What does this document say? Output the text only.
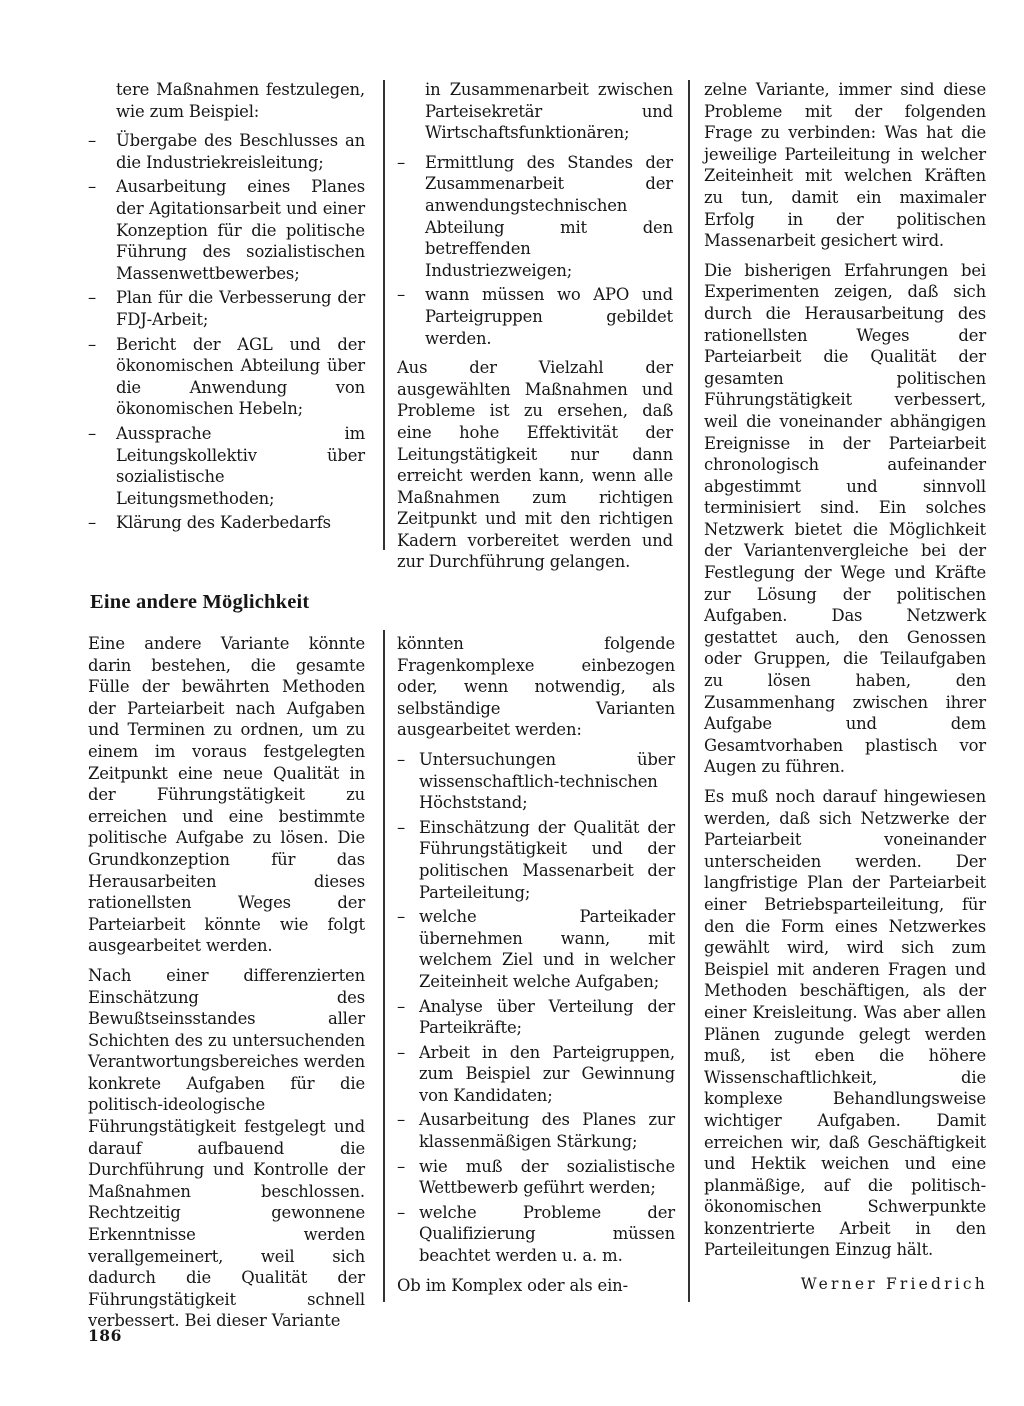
tere Maßnahmen festzulegen, wie zum Beispiel:

– Übergabe des Beschlusses an die Industriekreisleitung;
– Ausarbeitung eines Planes der Agitationsarbeit und einer Konzeption für die politische Führung des sozialistischen Massenwettbewerbes;
– Plan für die Verbesserung der FDJ-Arbeit;
– Bericht der AGL und der ökonomischen Abteilung über die Anwendung von ökonomischen Hebeln;
– Aussprache im Leitungskollektiv über sozialistische Leitungsmethoden;
– Klärung des Kaderbedarfs

in Zusammenarbeit zwischen Parteisekretär und Wirtschaftsfunktionären;

– Ermittlung des Standes der Zusammenarbeit der anwendungstechnischen Abteilung mit den betreffenden Industriezweigen;
– wann müssen wo APO und Parteigruppen gebildet werden.

Aus der Vielzahl der ausgewählten Maßnahmen und Probleme ist zu ersehen, daß eine hohe Effektivität der Leitungstätigkeit nur dann erreicht werden kann, wenn alle Maßnahmen zum richtigen Zeitpunkt und mit den richtigen Kadern vorbereitet werden und zur Durchführung gelangen.

Eine andere Möglichkeit

Eine andere Variante könnte darin bestehen, die gesamte Fülle der bewährten Methoden der Parteiarbeit nach Aufgaben und Terminen zu ordnen, um zu einem im voraus festgelegten Zeitpunkt eine neue Qualität in der Führungstätigkeit zu erreichen und eine bestimmte politische Aufgabe zu lösen. Die Grundkonzeption für das Herausarbeiten dieses rationellsten Weges der Parteiarbeit könnte wie folgt ausgearbeitet werden.

Nach einer differenzierten Einschätzung des Bewußtseinsstandes aller Schichten des zu untersuchenden Verantwortungsbereiches werden konkrete Aufgaben für die politisch-ideologische Führungstätigkeit festgelegt und darauf aufbauend die Durchführung und Kontrolle der Maßnahmen beschlossen. Rechtzeitig gewonnene Erkenntnisse werden verallgemeinert, weil sich dadurch die Qualität der Führungstätigkeit schnell verbessert. Bei dieser Variante

könnten folgende Fragenkomplexe einbezogen oder, wenn notwendig, als selbständige Varianten ausgearbeitet werden:

– Untersuchungen über wissenschaftlich-technischen Höchststand;
– Einschätzung der Qualität der Führungstätigkeit und der politischen Massenarbeit der Parteileitung;
– welche Parteikader übernehmen wann, mit welchem Ziel und in welcher Zeiteinheit welche Aufgaben;
– Analyse über Verteilung der Parteikräfte;
– Arbeit in den Parteigruppen, zum Beispiel zur Gewinnung von Kandidaten;
– Ausarbeitung des Planes zur klassenmäßigen Stärkung;
– wie muß der sozialistische Wettbewerb geführt werden;
– welche Probleme der Qualifizierung müssen beachtet werden u. a. m.

Ob im Komplex oder als ein-

zelne Variante, immer sind diese Probleme mit der folgenden Frage zu verbinden: Was hat die jeweilige Parteileitung in welcher Zeiteinheit mit welchen Kräften zu tun, damit ein maximaler Erfolg in der politischen Massenarbeit gesichert wird.

Die bisherigen Erfahrungen bei Experimenten zeigen, daß sich durch die Herausarbeitung des rationellsten Weges der Parteiarbeit die Qualität der gesamten politischen Führungstätigkeit verbessert, weil die voneinander abhängigen Ereignisse in der Parteiarbeit chronologisch aufeinander abgestimmt und sinnvoll terminisiert sind. Ein solches Netzwerk bietet die Möglichkeit der Variantenvergleiche bei der Festlegung der Wege und Kräfte zur Lösung der politischen Aufgaben. Das Netzwerk gestattet auch, den Genossen oder Gruppen, die Teilaufgaben zu lösen haben, den Zusammenhang zwischen ihrer Aufgabe und dem Gesamtvorhaben plastisch vor Augen zu führen.

Es muß noch darauf hingewiesen werden, daß sich Netzwerke der Parteiarbeit voneinander unterscheiden werden. Der langfristige Plan der Parteiarbeit einer Betriebsparteileitung, für den die Form eines Netzwerkes gewählt wird, wird sich zum Beispiel mit anderen Fragen und Methoden beschäftigen, als der einer Kreisleitung. Was aber allen Plänen zugunde gelegt werden muß, ist eben die höhere Wissenschaftlichkeit, die komplexe Behandlungsweise wichtiger Aufgaben. Damit erreichen wir, daß Geschäftigkeit und Hektik weichen und eine planmäßige, auf die politisch-ökonomischen Schwerpunkte konzentrierte Arbeit in den Parteileitungen Einzug hält.

Werner Friedrich
186
